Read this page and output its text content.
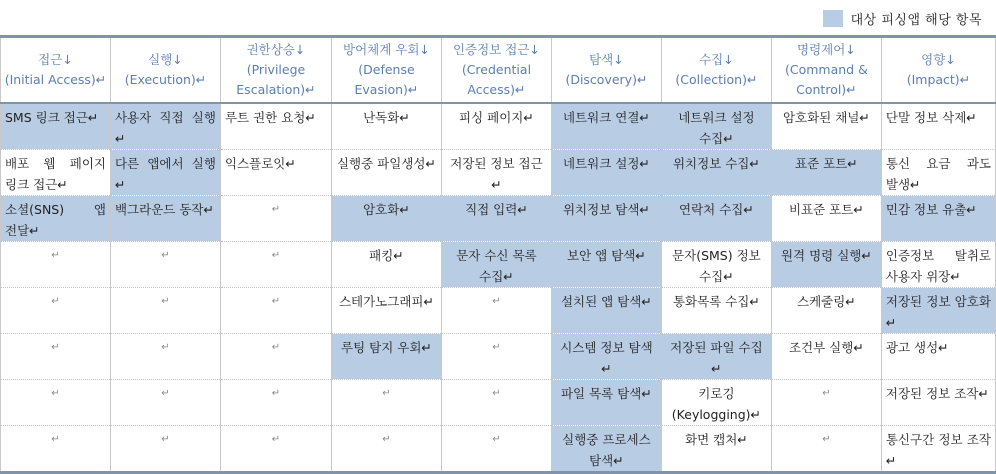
대상 피싱앱 해당 항목
접근↓
(Initial Access)↵	실행↓
(Execution)↵	권한상승↓
(Privilege Escalation)↵	방어체계 우회↓
(Defense Evasion)↵	인증정보 접근↓
(Credential Access)↵	탐색↓
(Discovery)↵	수집↓
(Collection)↵	명령제어↓
(Command & Control)↵	영향↓
(Impact)↵

SMS 링크 접근↵	사용자 직접 실행↵	루트 권한 요청↵	난독화↵	피싱 페이지↵	네트워크 연결↵	네트워크 설정 수집↵	암호화된 채널↵	단말 정보 삭제↵
배포 웹 페이지 링크 접근↵	다른 앱에서 실행↵	익스플로잇↵	실행중 파일생성↵	저장된 정보 접근↵	네트워크 설정↵	위치정보 수집↵	표준 포트↵	통신 요금 과도 발생↵
소셜(SNS) 앱 전달↵	백그라운드 동작↵	↵	암호화↵	직접 입력↵	위치정보 탐색↵	연락처 수집↵	비표준 포트↵	민감 정보 유출↵
↵	↵	↵	패킹↵	문자 수신 목록 수집↵	보안 앱 탐색↵	문자(SMS) 정보 수집↵	원격 명령 실행↵	인증정보 탈취로 사용자 위장↵
↵	↵	↵	스테가노그래피↵	↵	설치된 앱 탐색↵	통화목록 수집↵	스케줄링↵	저장된 정보 암호화↵
↵	↵	↵	루팅 탐지 우회↵	↵	시스템 정보 탐색↵	저장된 파일 수집↵	조건부 실행↵	광고 생성↵
↵	↵	↵	↵	↵	파일 목록 탐색↵	키로깅(Keylogging)↵	↵	저장된 정보 조작↵
↵	↵	↵	↵	↵	실행중 프로세스 탐색↵	화면 캡처↵	↵	통신구간 정보 조작↵
